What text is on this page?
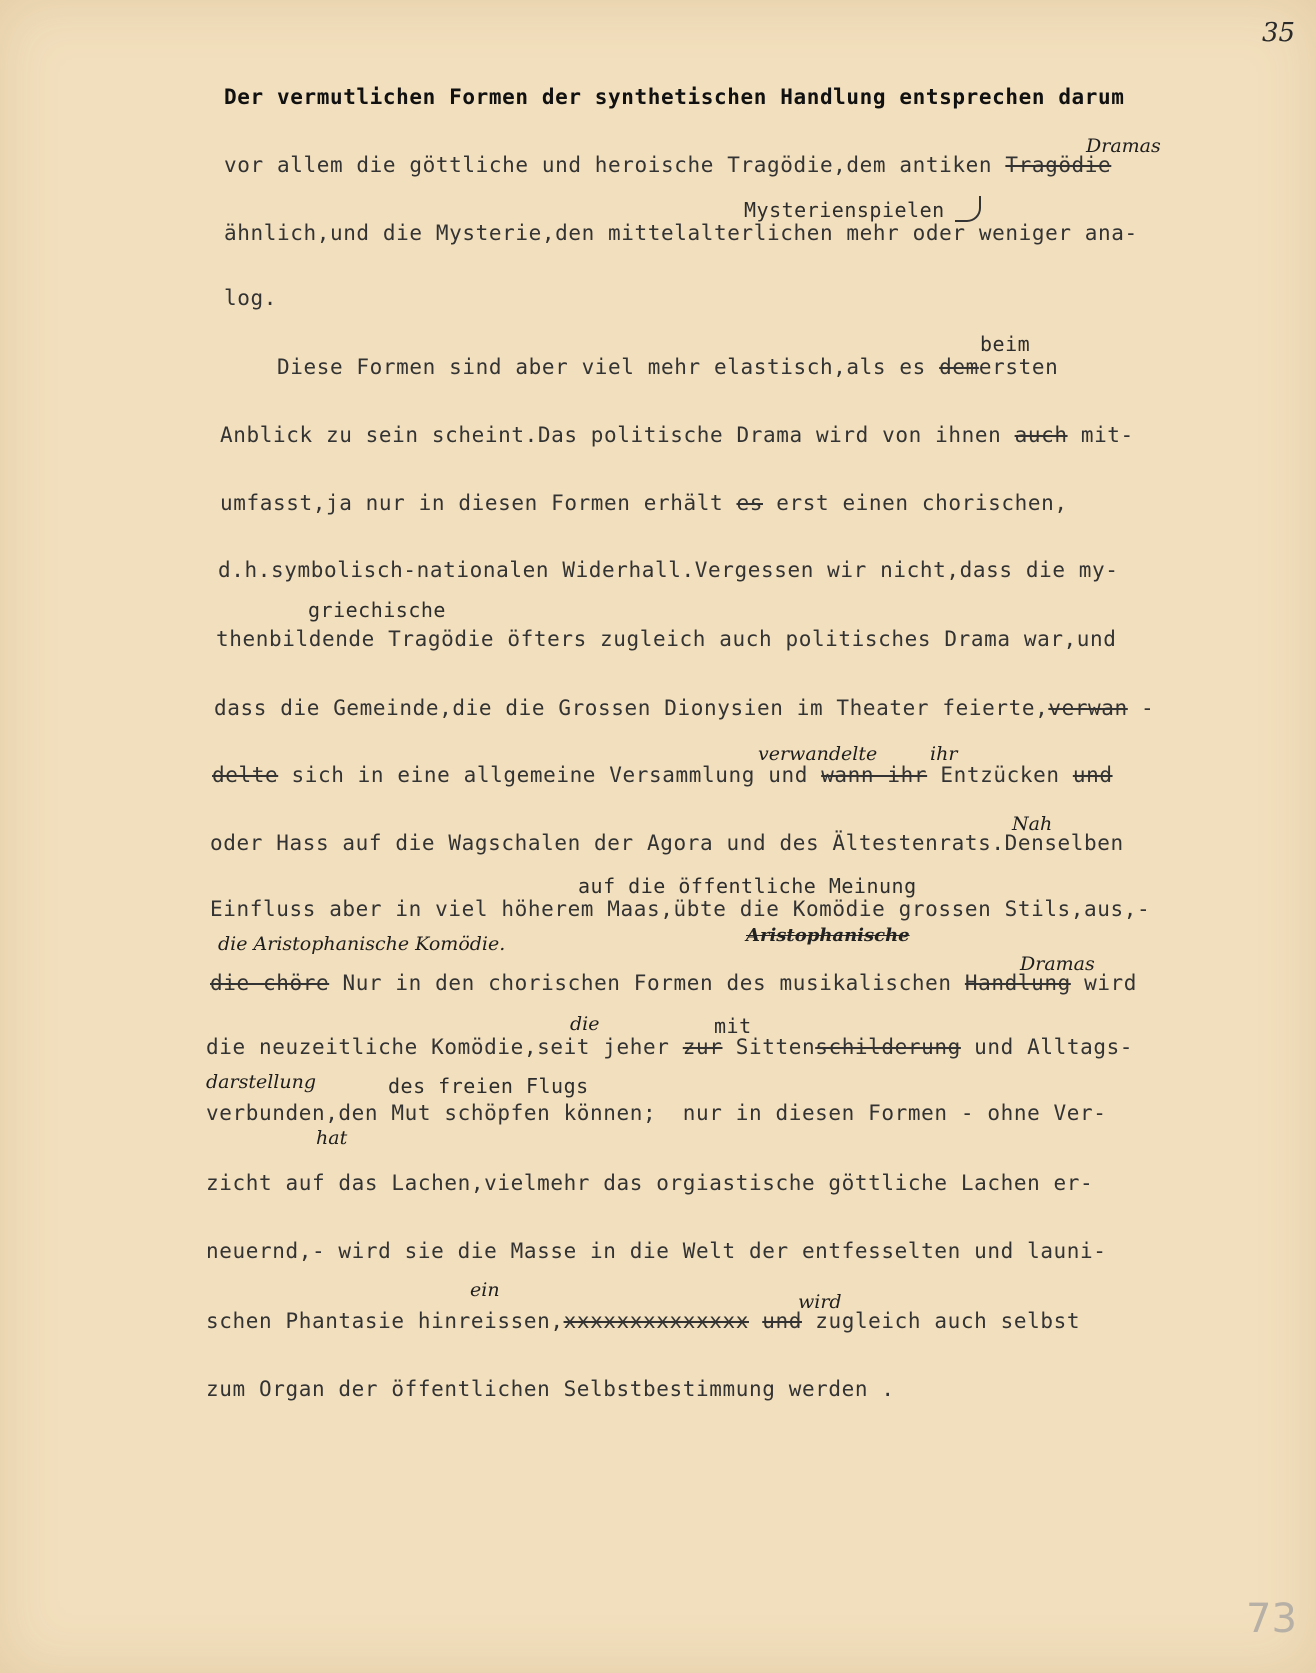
35
Der vermutlichen Formen der synthetischen Handlung entsprechen darum
Dramas
vor allem die göttliche und heroische Tragödie,dem antiken Tragödie
Mysterienspielen
ähnlich,und die Mysterie,den mittelalterlichen mehr oder weniger ana-
log.
beim
Diese Formen sind aber viel mehr elastisch,als es demersten
Anblick zu sein scheint.Das politische Drama wird von ihnen auch mit-
umfasst,ja nur in diesen Formen erhält es erst einen chorischen,
d.h.symbolisch-nationalen Widerhall.Vergessen wir nicht,dass die my-
griechische
thenbildende Tragödie öfters zugleich auch politisches Drama war,und
dass die Gemeinde,die die Grossen Dionysien im Theater feierte,verwan -
verwandelte	ihr
delte sich in eine allgemeine Versammlung und wann ihr Entzücken und
Nah
oder Hass auf die Wagschalen der Agora und des Ältestenrats.Denselben
auf die öffentliche Meinung
Einfluss aber in viel höherem Maas,übte die Komödie grossen Stils,aus,-
Aristophanische
die Aristophanische Komödie.
Dramas
die chöre Nur in den chorischen Formen des musikalischen Handlung wird
die	mit
die neuzeitliche Komödie,seit jeher zur Sittenschilderung und Alltags-
darstellung	des freien Flugs
verbunden,den Mut schöpfen können;  nur in diesen Formen - ohne Ver-
hat
zicht auf das Lachen,vielmehr das orgiastische göttliche Lachen er-
neuernd,- wird sie die Masse in die Welt der entfesselten und launi-
ein
wird
schen Phantasie hinreissen,xxxxxxxxxxxxxx und zugleich auch selbst
zum Organ der öffentlichen Selbstbestimmung werden .
73
